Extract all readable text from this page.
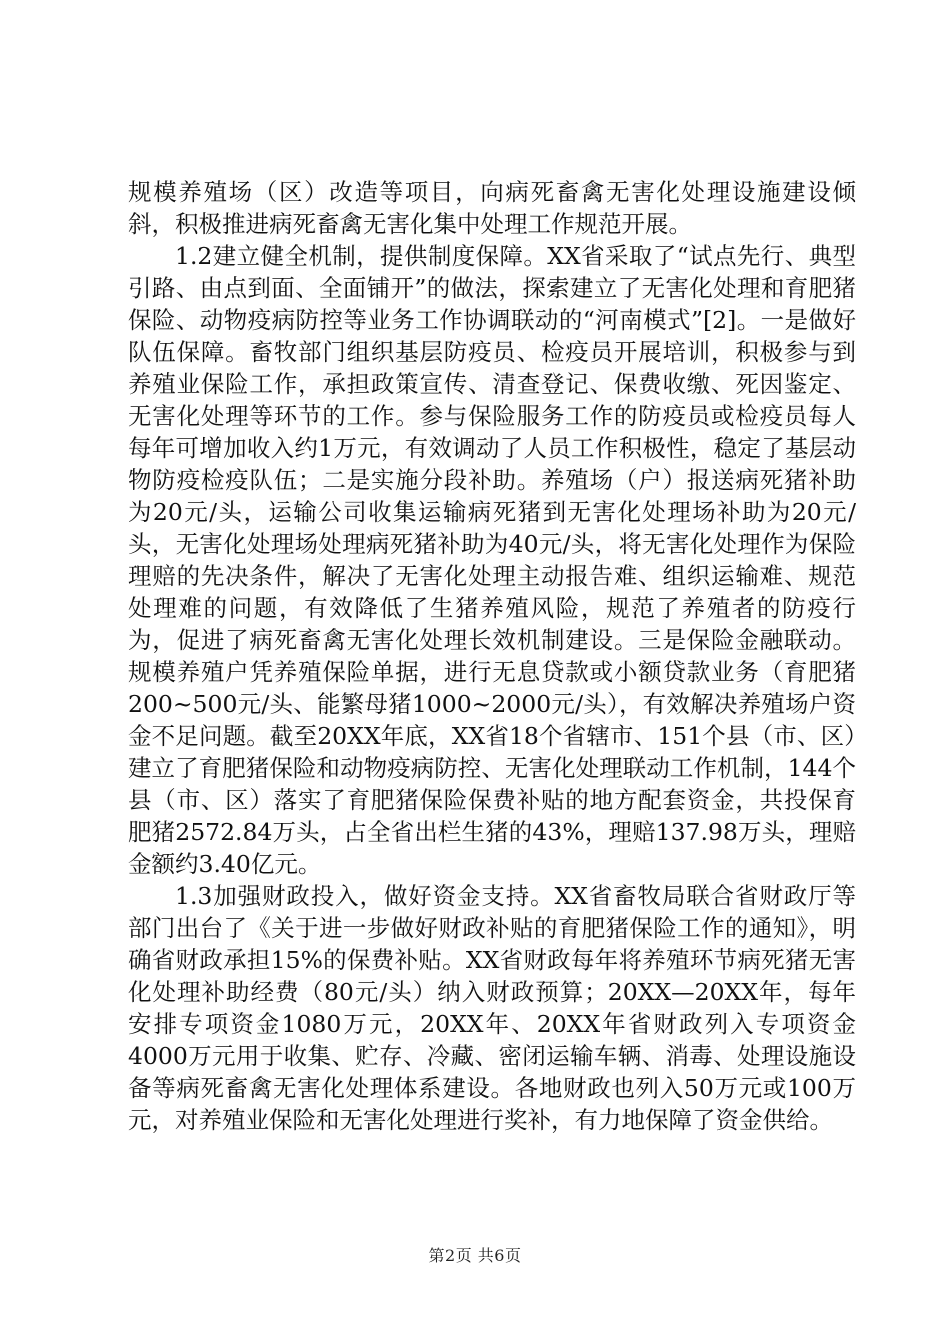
规模养殖场（区）改造等项目，向病死畜禽无害化处理设施建设倾斜，积极推进病死畜禽无害化集中处理工作规范开展。

1.2建立健全机制，提供制度保障。XX省采取了“试点先行、典型引路、由点到面、全面铺开”的做法，探索建立了无害化处理和育肥猪保险、动物疫病防控等业务工作协调联动的“河南模式”[2]。一是做好队伍保障。畜牧部门组织基层防疫员、检疫员开展培训，积极参与到养殖业保险工作，承担政策宣传、清查登记、保费收缴、死因鉴定、无害化处理等环节的工作。参与保险服务工作的防疫员或检疫员每人每年可增加收入约1万元，有效调动了人员工作积极性，稳定了基层动物防疫检疫队伍；二是实施分段补助。养殖场（户）报送病死猪补助为20元/头，运输公司收集运输病死猪到无害化处理场补助为20元/头，无害化处理场处理病死猪补助为40元/头，将无害化处理作为保险理赔的先决条件，解决了无害化处理主动报告难、组织运输难、规范处理难的问题，有效降低了生猪养殖风险，规范了养殖者的防疫行为，促进了病死畜禽无害化处理长效机制建设。三是保险金融联动。规模养殖户凭养殖保险单据，进行无息贷款或小额贷款业务（育肥猪200~500元/头、能繁母猪1000~2000元/头），有效解决养殖场户资金不足问题。截至20XX年底，XX省18个省辖市、151个县（市、区）建立了育肥猪保险和动物疫病防控、无害化处理联动工作机制，144个县（市、区）落实了育肥猪保险保费补贴的地方配套资金，共投保育肥猪2572.84万头，占全省出栏生猪的43%，理赔137.98万头，理赔金额约3.40亿元。

1.3加强财政投入，做好资金支持。XX省畜牧局联合省财政厅等部门出台了《关于进一步做好财政补贴的育肥猪保险工作的通知》，明确省财政承担15%的保费补贴。XX省财政每年将养殖环节病死猪无害化处理补助经费（80元/头）纳入财政预算；20XX—20XX年，每年安排专项资金1080万元，20XX年、20XX年省财政列入专项资金4000万元用于收集、贮存、冷藏、密闭运输车辆、消毒、处理设施设备等病死畜禽无害化处理体系建设。各地财政也列入50万元或100万元，对养殖业保险和无害化处理进行奖补，有力地保障了资金供给。

第2页 共6页
